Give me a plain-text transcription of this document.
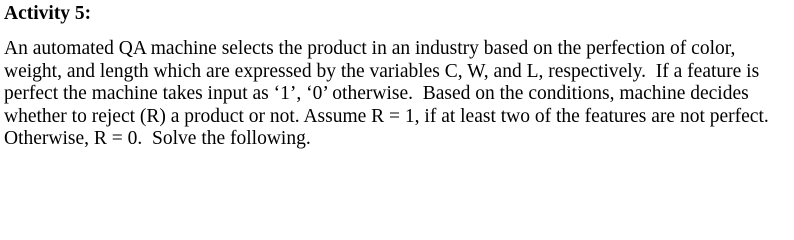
Activity 5:
An automated QA machine selects the product in an industry based on the perfection of color,
weight, and length which are expressed by the variables C, W, and L, respectively.  If a feature is
perfect the machine takes input as ‘1’, ‘0’ otherwise.  Based on the conditions, machine decides
whether to reject (R) a product or not. Assume R = 1, if at least two of the features are not perfect.
Otherwise, R = 0.  Solve the following.
